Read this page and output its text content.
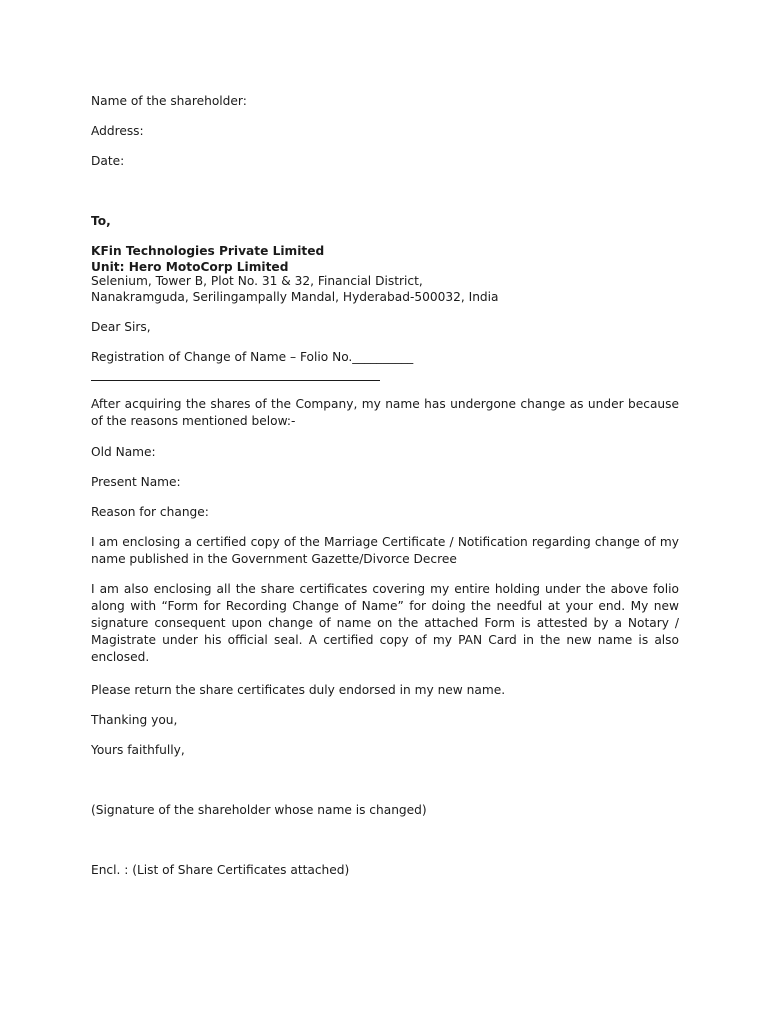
Name of the shareholder:
Address:
Date:
To,
KFin Technologies Private Limited
Unit: Hero MotoCorp Limited
Selenium, Tower B, Plot No. 31 & 32, Financial District,
Nanakramguda, Serilingampally Mandal, Hyderabad-500032, India
Dear Sirs,
Registration of Change of Name – Folio No.__________
After acquiring the shares of the Company, my name has undergone change as under because of the reasons mentioned below:-
Old Name:
Present Name:
Reason for change:
I am enclosing a certified copy of the Marriage Certificate / Notification regarding change of my name published in the Government Gazette/Divorce Decree
I am also enclosing all the share certificates covering my entire holding under the above folio along with “Form for Recording Change of Name” for doing the needful at your end. My new signature consequent upon change of name on the attached Form is attested by a Notary / Magistrate under his official seal. A certified copy of my PAN Card in the new name is also enclosed.
Please return the share certificates duly endorsed in my new name.
Thanking you,
Yours faithfully,
(Signature of the shareholder whose name is changed)
Encl. : (List of Share Certificates attached)
